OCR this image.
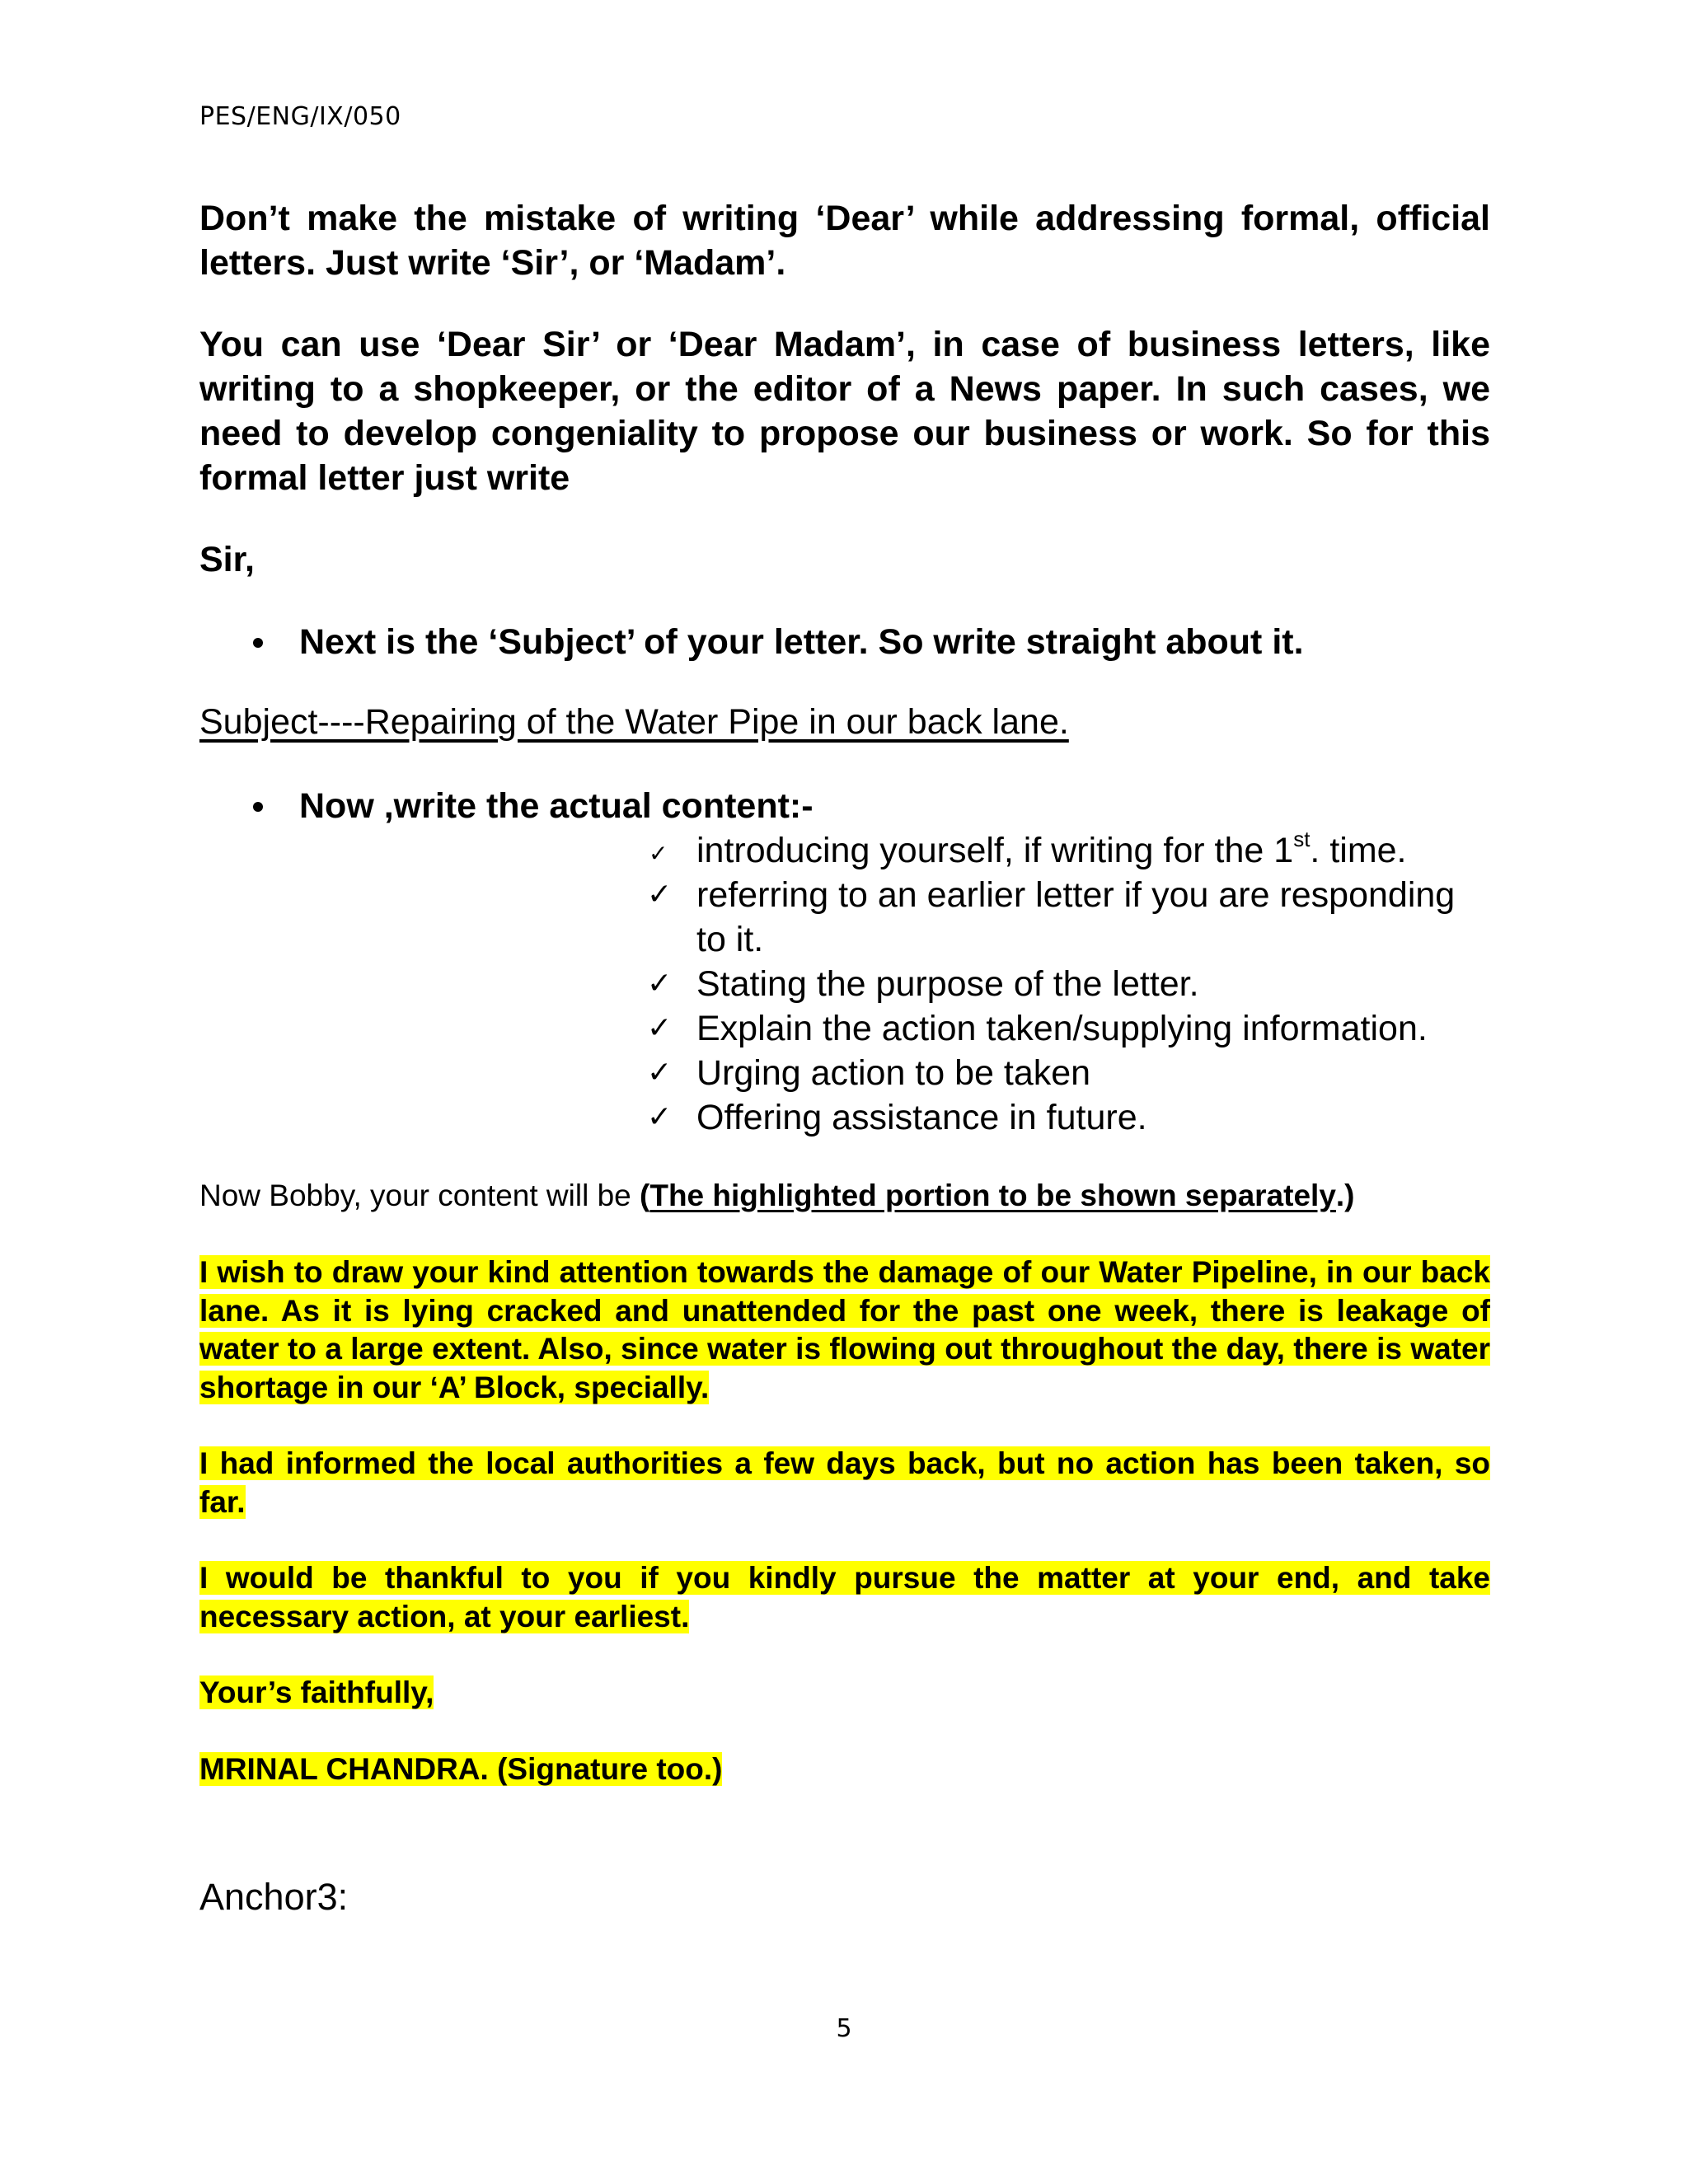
PES/ENG/IX/050

Don’t make the mistake of writing ‘Dear’ while addressing formal, official letters. Just write ‘Sir’, or ‘Madam’.

You can use ‘Dear Sir’ or ‘Dear Madam’, in case of business letters, like writing to a shopkeeper, or the editor of a News paper. In such cases, we need to develop congeniality to propose our business or work. So for this formal letter just write

Sir,

Next is the ‘Subject’ of your letter. So write straight about it.
Subject----Repairing of the Water Pipe in our back lane.
Now ,write the actual content:-
✓ introducing yourself, if writing for the 1st. time.
✓ referring to an earlier letter if you are responding to it.
✓ Stating the purpose of the letter.
✓ Explain the action taken/supplying information.
✓ Urging action to be taken
✓ Offering assistance in future.

Now Bobby, your content will be (The highlighted portion to be shown separately.)

I wish to draw your kind attention towards the damage of our Water Pipeline, in our back lane. As it is lying cracked and unattended for the past one week, there is leakage of water to a large extent. Also, since water is flowing out throughout the day, there is water shortage in our ‘A’ Block, specially.

I had informed the local authorities a few days back, but no action has been taken, so far.

I would be thankful to you if you kindly pursue the matter at your end, and take necessary action, at your earliest.

Your’s faithfully,

MRINAL CHANDRA. (Signature too.)

Anchor3:
5
